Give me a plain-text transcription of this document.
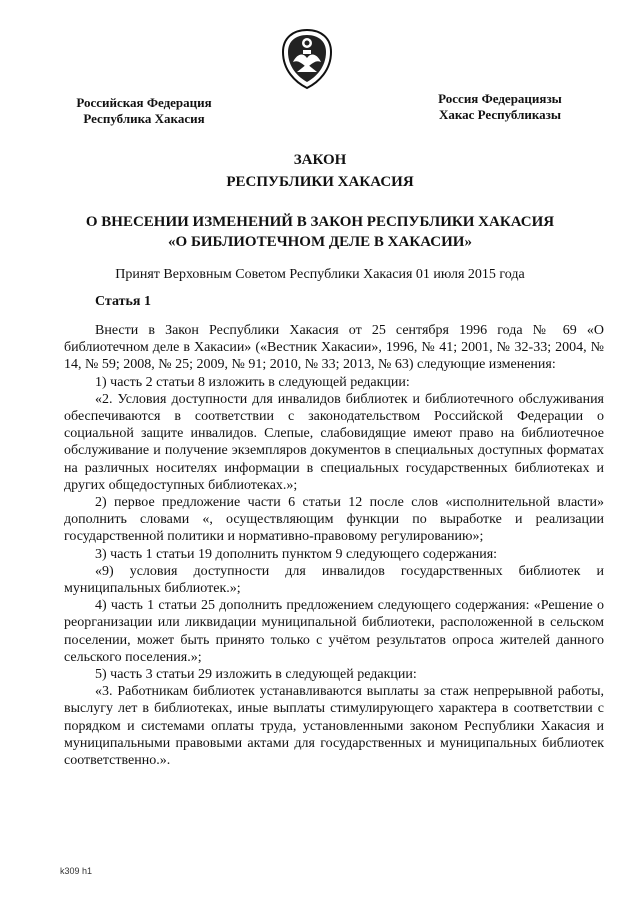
Российская Федерация
Республика Хакасия
Россия Федерациязы
Хакас Республиказы
ЗАКОН
РЕСПУБЛИКИ ХАКАСИЯ
О ВНЕСЕНИИ ИЗМЕНЕНИЙ В ЗАКОН РЕСПУБЛИКИ ХАКАСИЯ
«О БИБЛИОТЕЧНОМ ДЕЛЕ В ХАКАСИИ»
Принят Верховным Советом Республики Хакасия 01 июля 2015 года
Статья 1

Внести в Закон Республики Хакасия от 25 сентября 1996 года № 69 «О библиотечном деле в Хакасии» («Вестник Хакасии», 1996, № 41; 2001, № 32-33; 2004, № 14, № 59; 2008, № 25; 2009, № 91; 2010, № 33; 2013, № 63) следующие изменения:

1) часть 2 статьи 8 изложить в следующей редакции:

«2. Условия доступности для инвалидов библиотек и библиотечного обслуживания обеспечиваются в соответствии с законодательством Российской Федерации о социальной защите инвалидов. Слепые, слабовидящие имеют право на библиотечное обслуживание и получение экземпляров документов в специальных доступных форматах на различных носителях информации в специальных государственных библиотеках и других общедоступных библиотеках.»;

2) первое предложение части 6 статьи 12 после слов «исполнительной власти» дополнить словами «, осуществляющим функции по выработке и реализации государственной политики и нормативно-правовому регулированию»;

3) часть 1 статьи 19 дополнить пунктом 9 следующего содержания:

«9) условия доступности для инвалидов государственных библиотек и муниципальных библиотек.»;

4) часть 1 статьи 25 дополнить предложением следующего содержания: «Решение о реорганизации или ликвидации муниципальной библиотеки, расположенной в сельском поселении, может быть принято только с учётом результатов опроса жителей данного сельского поселения.»;

5) часть 3 статьи 29 изложить в следующей редакции:

«3. Работникам библиотек устанавливаются выплаты за стаж непрерывной работы, выслугу лет в библиотеках, иные выплаты стимулирующего характера в соответствии с порядком и системами оплаты труда, установленными законом Республики Хакасия и муниципальными правовыми актами для государственных и муниципальных библиотек соответственно.».

k309 h1
